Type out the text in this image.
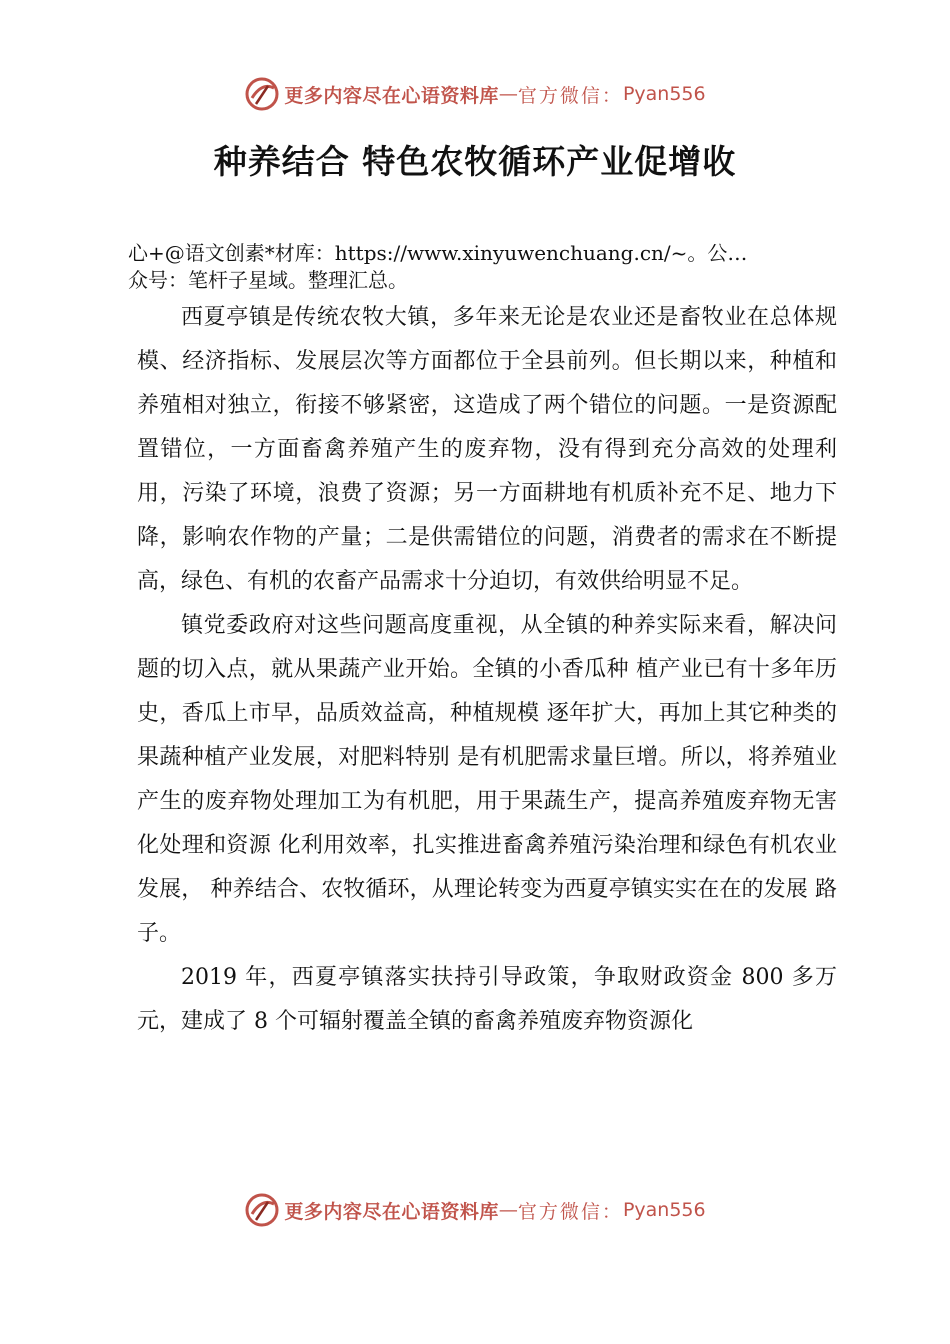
更多内容尽在心语资料库 — 官方微信： Pyan556
种养结合 特色农牧循环产业促增收
心+@语文创素*材库：https://www.xinyuwenchuang.cn/~。公…
众号：笔杆子星域。整理汇总。

西夏亭镇是传统农牧大镇，多年来无论是农业还是畜牧业在总体规模、经济指标、发展层次等方面都位于全县前列。但长期以来，种植和养殖相对独立，衔接不够紧密，这造成了两个错位的问题。一是资源配置错位，一方面畜禽养殖产生的废弃物，没有得到充分高效的处理利用，污染了环境，浪费了资源；另一方面耕地有机质补充不足、地力下降，影响农作物的产量；二是供需错位的问题，消费者的需求在不断提高，绿色、有机的农畜产品需求十分迫切，有效供给明显不足。

镇党委政府对这些问题高度重视，从全镇的种养实际来看，解决问题的切入点，就从果蔬产业开始。全镇的小香瓜种 植产业已有十多年历史，香瓜上市早，品质效益高，种植规模 逐年扩大，再加上其它种类的果蔬种植产业发展，对肥料特别 是有机肥需求量巨增。所以，将养殖业产生的废弃物处理加工为有机肥，用于果蔬生产，提高养殖废弃物无害化处理和资源 化利用效率，扎实推进畜禽养殖污染治理和绿色有机农业发展， 种养结合、农牧循环，从理论转变为西夏亭镇实实在在的发展 路子。

2019 年，西夏亭镇落实扶持引导政策，争取财政资金 800 多万元，建成了 8 个可辐射覆盖全镇的畜禽养殖废弃物资源化

更多内容尽在心语资料库 — 官方微信： Pyan556
